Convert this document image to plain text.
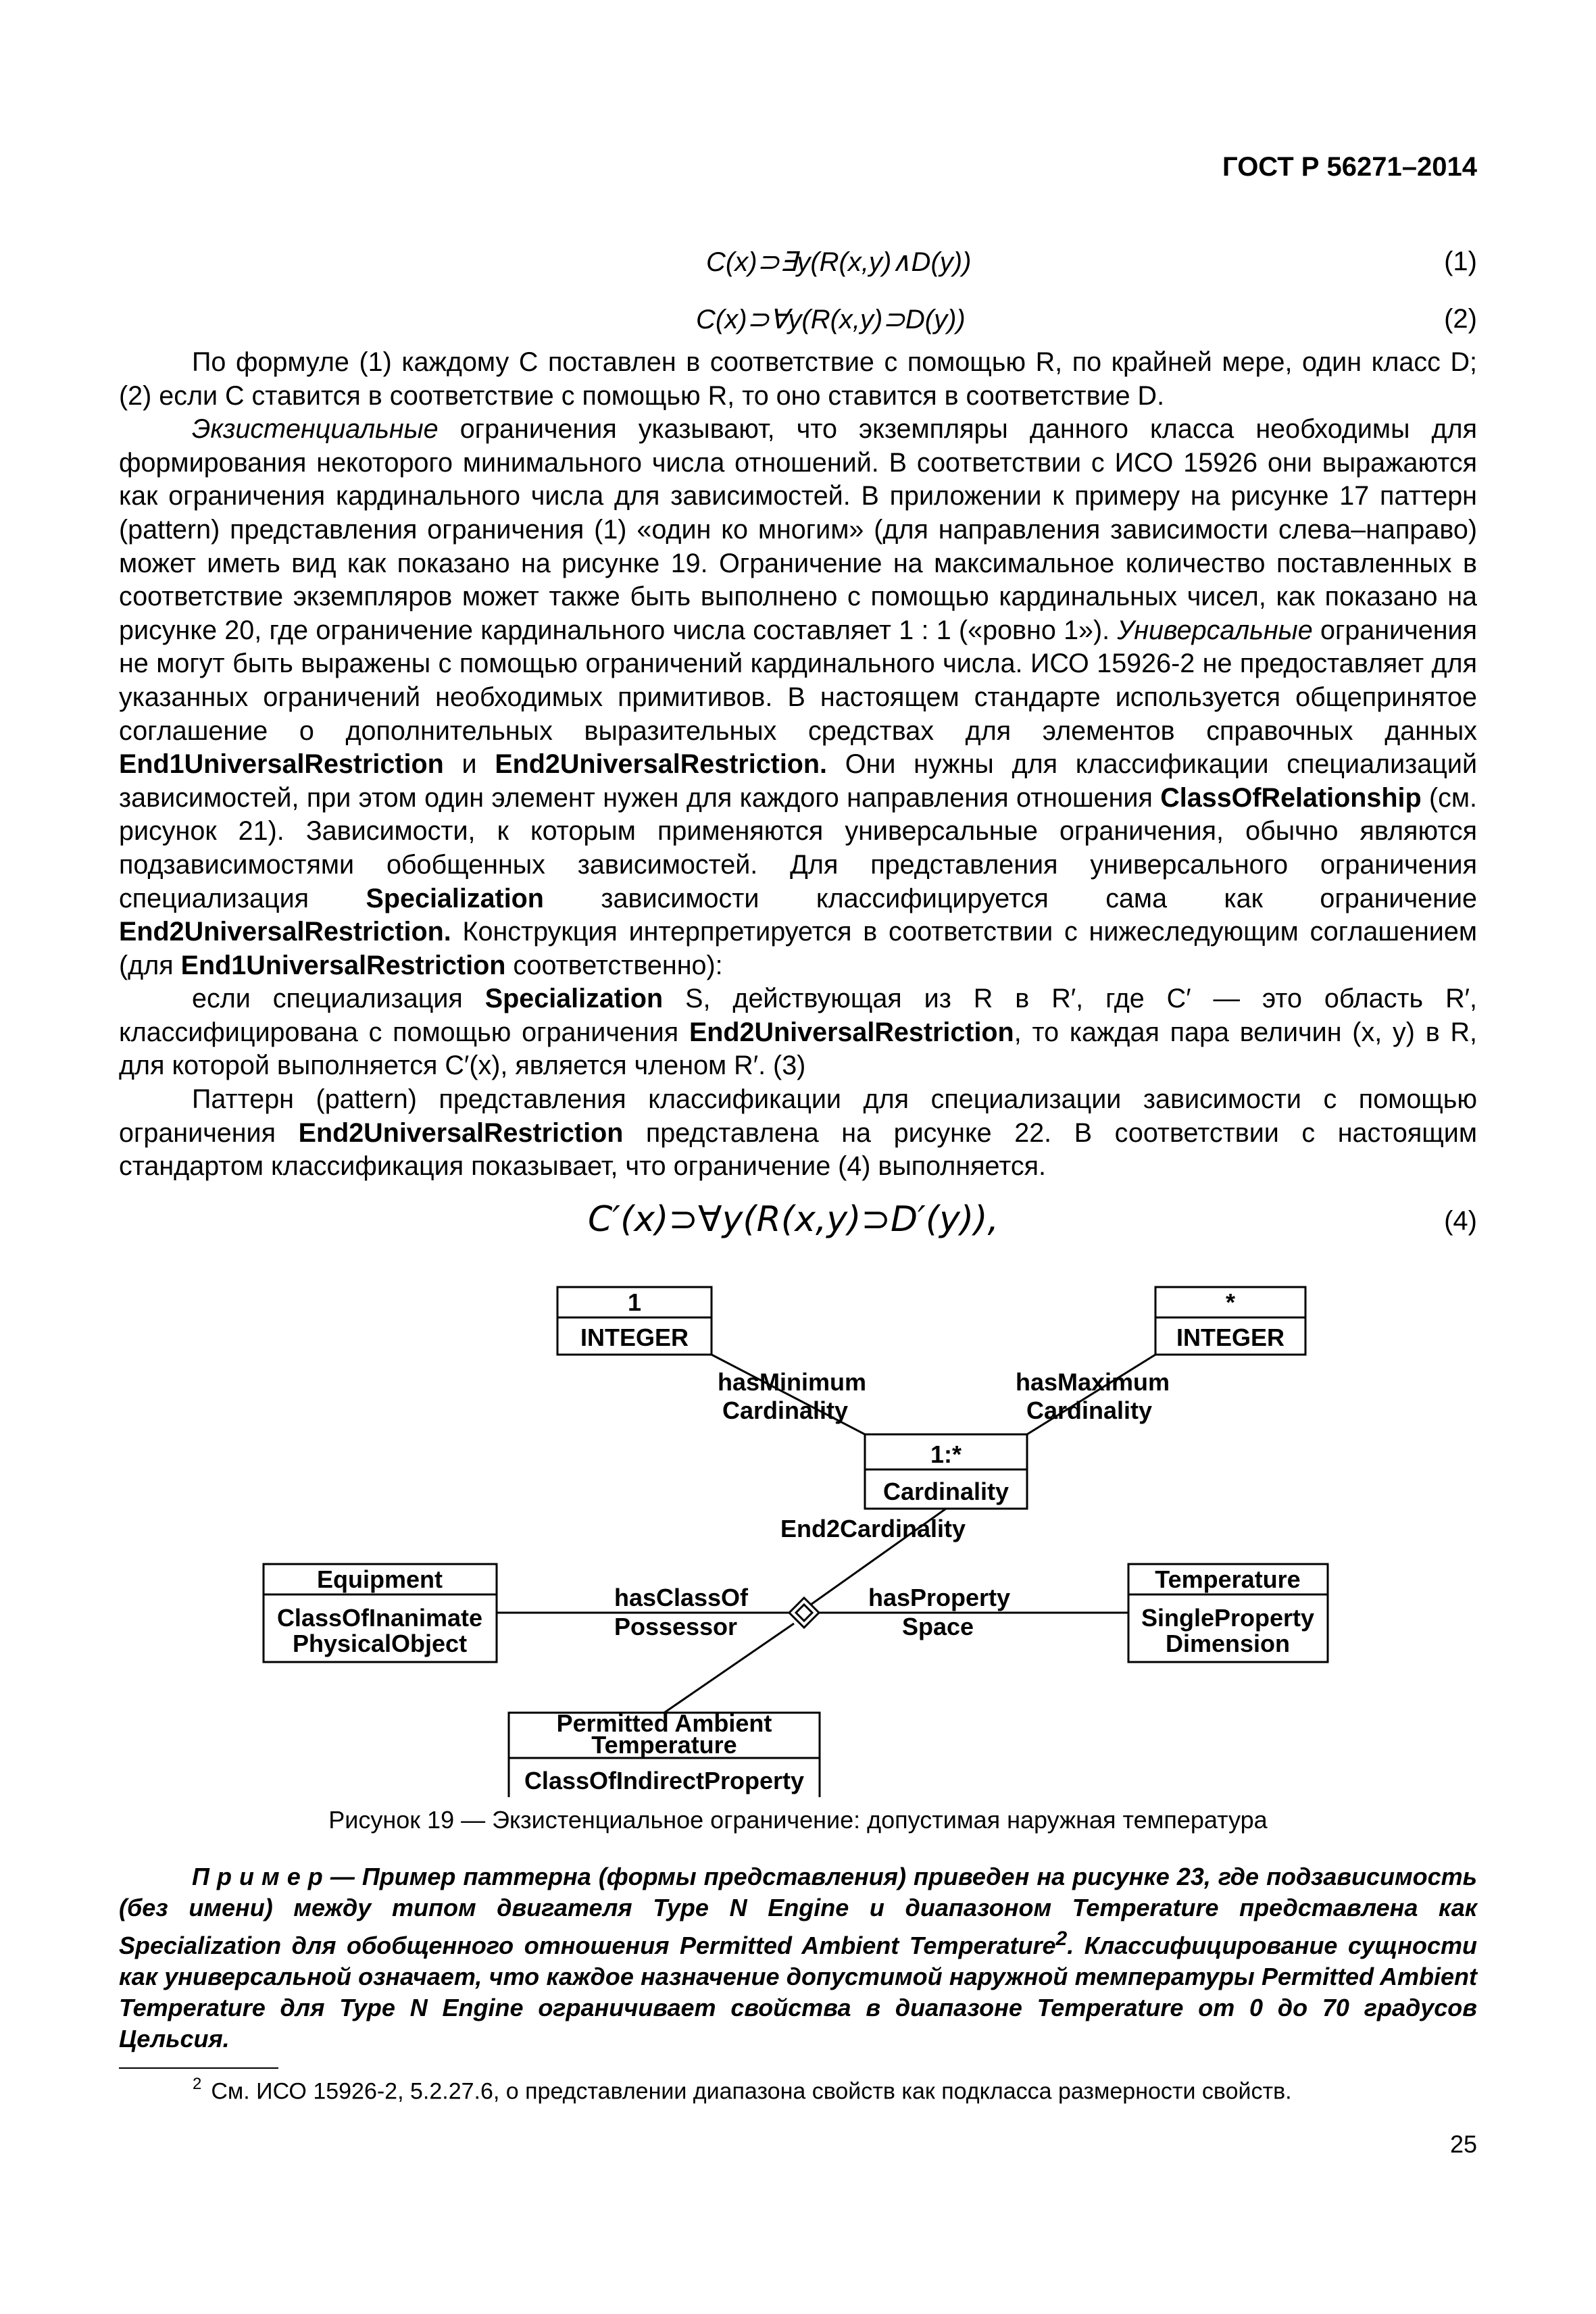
ГОСТ Р 56271–2014
C(x)⊃∃y(R(x,y)∧D(y))	(1)
C(x)⊃∀y(R(x,y)⊃D(y))	(2)

По формуле (1) каждому C поставлен в соответствие с помощью R, по крайней мере, один класс D; (2) если C ставится в соответствие с помощью R, то оно ставится в соответствие D.

Экзистенциальные ограничения указывают, что экземпляры данного класса необходимы для формирования некоторого минимального числа отношений. В соответствии с ИСО 15926 они выражаются как ограничения кардинального числа для зависимостей. В приложении к примеру на рисунке 17 паттерн (pattern) представления ограничения (1) «один ко многим» (для направления зависимости слева–направо) может иметь вид как показано на рисунке 19. Ограничение на максимальное количество поставленных в соответствие экземпляров может также быть выполнено с помощью кардинальных чисел, как показано на рисунке 20, где ограничение кардинального числа составляет 1 : 1 («ровно 1»). Универсальные ограничения не могут быть выражены с помощью ограничений кардинального числа. ИСО 15926-2 не предоставляет для указанных ограничений необходимых примитивов. В настоящем стандарте используется общепринятое соглашение о дополнительных выразительных средствах для элементов справочных данных End1UniversalRestriction и End2UniversalRestriction. Они нужны для классификации специализаций зависимостей, при этом один элемент нужен для каждого направления отношения ClassOfRelationship (см. рисунок 21). Зависимости, к которым применяются универсальные ограничения, обычно являются подзависимостями обобщенных зависимостей. Для представления универсального ограничения специализация Specialization зависимости классифицируется сама как ограничение End2UniversalRestriction. Конструкция интерпретируется в соответствии с нижеследующим соглашением (для End1UniversalRestriction соответственно):

если специализация Specialization S, действующая из R в R′, где C′ — это область R′, классифицирована с помощью ограничения End2UniversalRestriction, то каждая пара величин (x, y) в R, для которой выполняется C′(x), является членом R′. (3)

Паттерн (pattern) представления классификации для специализации зависимости с помощью ограничения End2UniversalRestriction представлена на рисунке 22. В соответствии с настоящим стандартом классификация показывает, что ограничение (4) выполняется.

C′(x)⊃∀y(R(x,y)⊃D′(y)),	(4)
1
INTEGER
*
INTEGER
1:*
Cardinality
hasMinimum
Cardinality
hasMaximum
Cardinality
End2Cardinality
Equipment
ClassOfInanimate
PhysicalObject
hasClassOf
Possessor
hasProperty
Space
Temperature
SingleProperty
Dimension
Permitted Ambient
Temperature
ClassOfIndirectProperty
Рисунок 19 — Экзистенциальное ограничение: допустимая наружная температура
П р и м е р — Пример паттерна (формы представления) приведен на рисунке 23, где подзависимость (без имени) между типом двигателя Type N Engine и диапазоном Temperature представлена как Specialization для обобщенного отношения Permitted Ambient Temperature$^2$. Классифицирование сущности как универсальной означает, что каждое назначение допустимой наружной температуры Permitted Ambient Temperature для Type N Engine ограничивает свойства в диапазоне Temperature от 0 до 70 градусов Цельсия.
$^2$ См. ИСО 15926-2, 5.2.27.6, о представлении диапазона свойств как подкласса размерности свойств.
25
